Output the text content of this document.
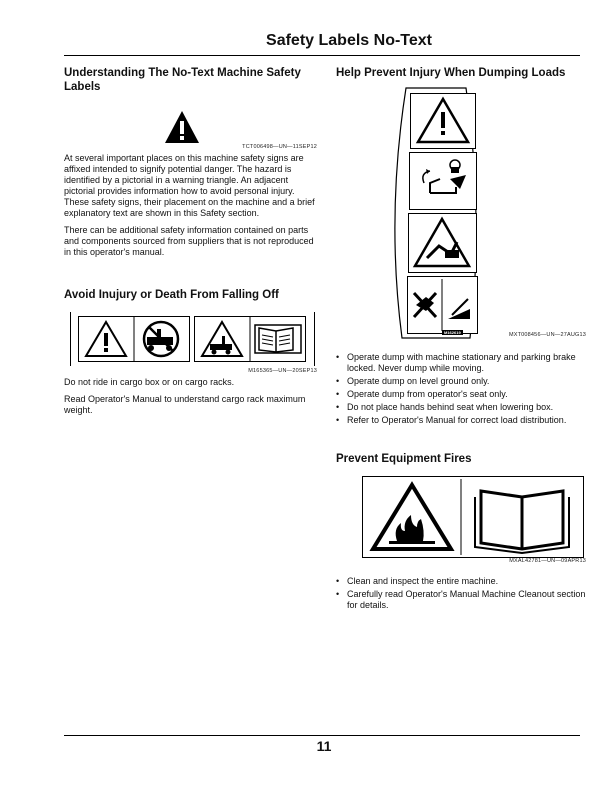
Safety Labels No-Text
Understanding The No-Text Machine Safety Labels
TCT006498—UN—11SEP12

At several important places on this machine safety signs are affixed intended to signify potential danger. The hazard is identified by a pictorial in a warning triangle. An adjacent pictorial provides information how to avoid personal injury. These safety signs, their placement on the machine and a brief explanatory text are shown in this Safety section.

There can be additional safety information contained on parts and components sourced from suppliers that is not reproduced in this operator's manual.

Avoid Inujury or Death From Falling Off
M165365—UN—20SEP13

Do not ride in cargo box or on cargo racks.

Read Operator's Manual to understand cargo rack maximum weight.

Help Prevent Injury When Dumping Loads
M162619	MXT008456—UN—27AUG13
• Operate dump with machine stationary and parking brake locked. Never dump while moving.
• Operate dump on level ground only.
• Operate dump from operator's seat only.
• Do not place hands behind seat when lowering box.
• Refer to Operator's Manual for correct load distribution.
Prevent Equipment Fires
MXAL42781—UN—09APR13
• Clean and inspect the entire machine.
• Carefully read Operator's Manual Machine Cleanout section for details.
11
